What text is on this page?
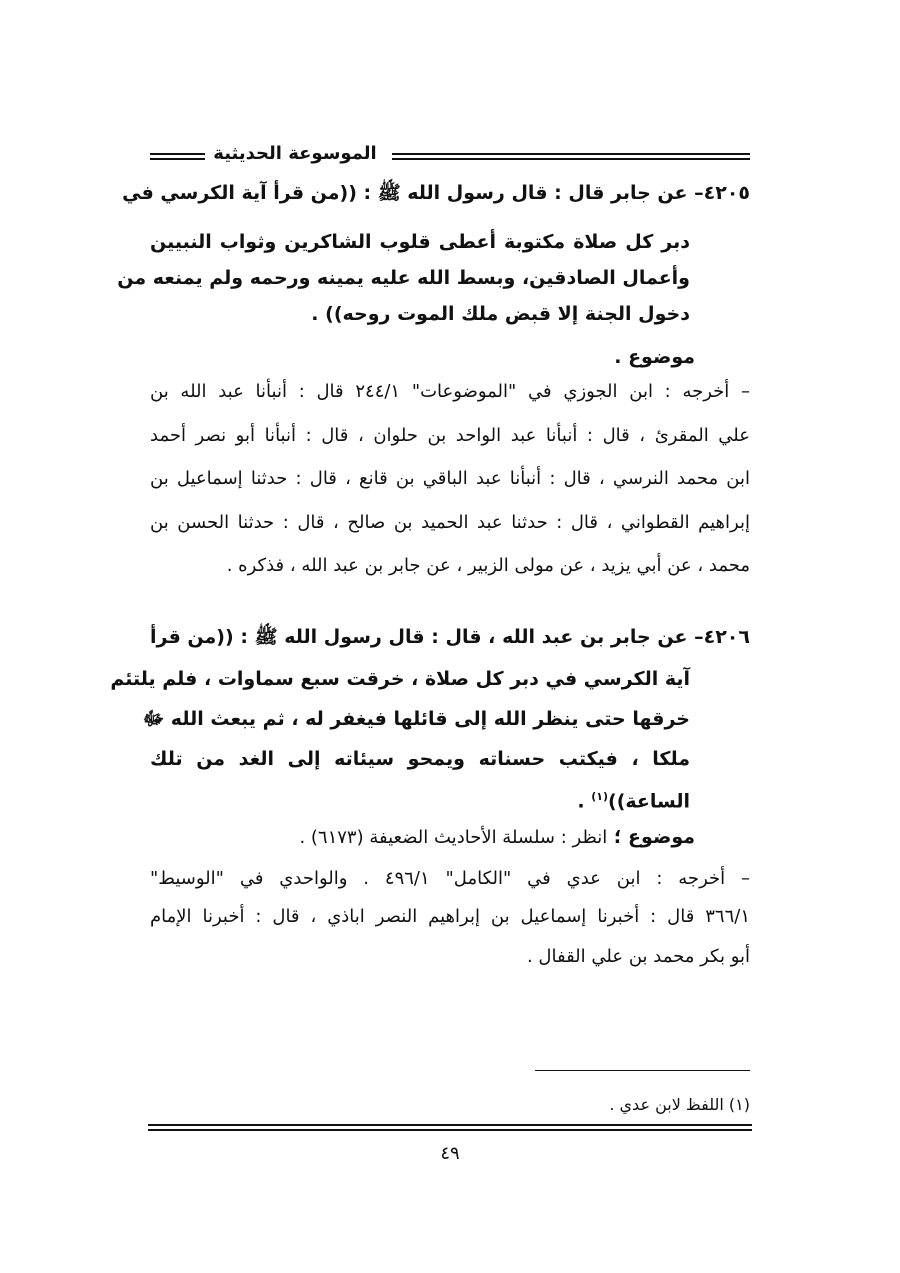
الموسوعة الحديثية
٤٢٠٥– عن جابر قال : قال رسول الله ﷺ : ((من قرأ آية الكرسي في
دبر كل صلاة مكتوبة أعطى قلوب الشاكرين وثواب النبيين
وأعمال الصادقين، وبسط الله عليه يمينه ورحمه ولم يمنعه من
دخول الجنة إلا قبض ملك الموت روحه)) .
موضوع .
– أخرجه : ابن الجوزي في "الموضوعات" ٢٤٤/١ قال : أنبأنا عبد الله بن
علي المقرئ ، قال : أنبأنا عبد الواحد بن حلوان ، قال : أنبأنا أبو نصر أحمد
ابن محمد النرسي ، قال : أنبأنا عبد الباقي بن قانع ، قال : حدثنا إسماعيل بن
إبراهيم القطواني ، قال : حدثنا عبد الحميد بن صالح ، قال : حدثنا الحسن بن
محمد ، عن أبي يزيد ، عن مولى الزبير ، عن جابر بن عبد الله ، فذكره .
٤٢٠٦– عن جابر بن عبد الله ، قال : قال رسول الله ﷺ : ((من قرأ
آية الكرسي في دبر كل صلاة ، خرقت سبع سماوات ، فلم يلتئم
خرقها حتى ينظر الله إلى قائلها فيغفر له ، ثم يبعث الله ﷻ
ملكا ، فيكتب حسناته ويمحو سيئاته إلى الغد من تلك
الساعة))$^{(١)}$ .
موضوع ؛ انظر : سلسلة الأحاديث الضعيفة (٦١٧٣) .
– أخرجه : ابن عدي في "الكامل" ٤٩٦/١ . والواحدي في "الوسيط"
٣٦٦/١ قال : أخبرنا إسماعيل بن إبراهيم النصر اباذي ، قال : أخبرنا الإمام
أبو بكر محمد بن علي القفال .
(١) اللفظ لابن عدي .
٤٩
